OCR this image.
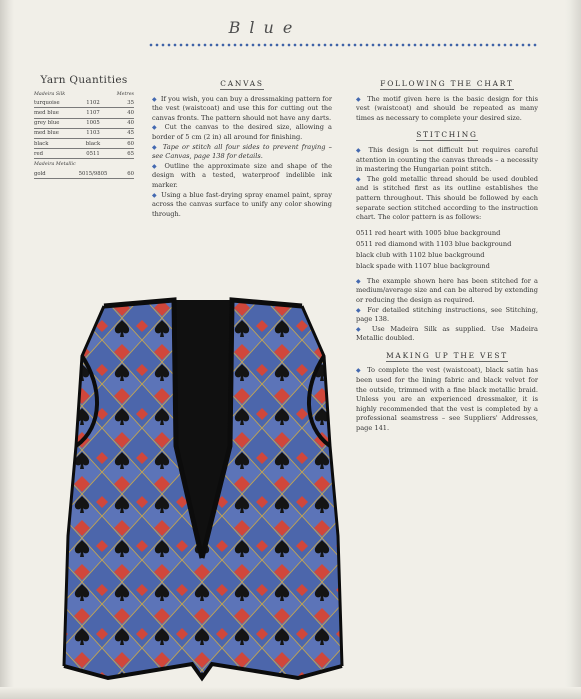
Blue
Yarn Quantities
Madeira Silk		Metres
turquoise	1102	35
med blue	1107	40
grey blue	1005	40
med blue	1103	45
black	black	60
red	0511	65
Madeira Metallic		
gold	5015/9805	60
CANVAS

◆ If you wish, you can buy a dressmaking pattern for the vest (waistcoat) and use this for cutting out the canvas fronts. The pattern should not have any darts.

◆ Cut the canvas to the desired size, allowing a border of 5 cm (2 in) all around for finishing.

◆ Tape or stitch all four sides to prevent fraying – see Canvas, page 138 for details.

◆ Outline the approximate size and shape of the design with a tested, waterproof indelible ink marker.

◆ Using a blue fast-drying spray enamel paint, spray across the canvas surface to unify any color showing through.

FOLLOWING THE CHART

◆ The motif given here is the basic design for this vest (waistcoat) and should be repeated as many times as necessary to complete your desired size.

STITCHING

◆ This design is not difficult but requires careful attention in counting the canvas threads – a necessity in mastering the Hungarian point stitch.

◆ The gold metallic thread should be used doubled and is stitched first as its outline establishes the pattern throughout. This should be followed by each separate section stitched according to the instruction chart. The color pattern is as follows:

0511 red heart with 1005 blue background
0511 red diamond with 1103 blue background
black club with 1102 blue background
black spade with 1107 blue background

◆ The example shown here has been stitched for a medium/average size and can be altered by extending or reducing the design as required.

◆ For detailed stitching instructions, see Stitching, page 138.

◆ Use Madeira Silk as supplied. Use Madeira Metallic doubled.

MAKING UP THE VEST

◆ To complete the vest (waistcoat), black satin has been used for the lining fabric and black velvet for the outside, trimmed with a fine black metallic braid. Unless you are an experienced dressmaker, it is highly recommended that the vest is completed by a professional seamstress – see Suppliers' Addresses, page 141.
